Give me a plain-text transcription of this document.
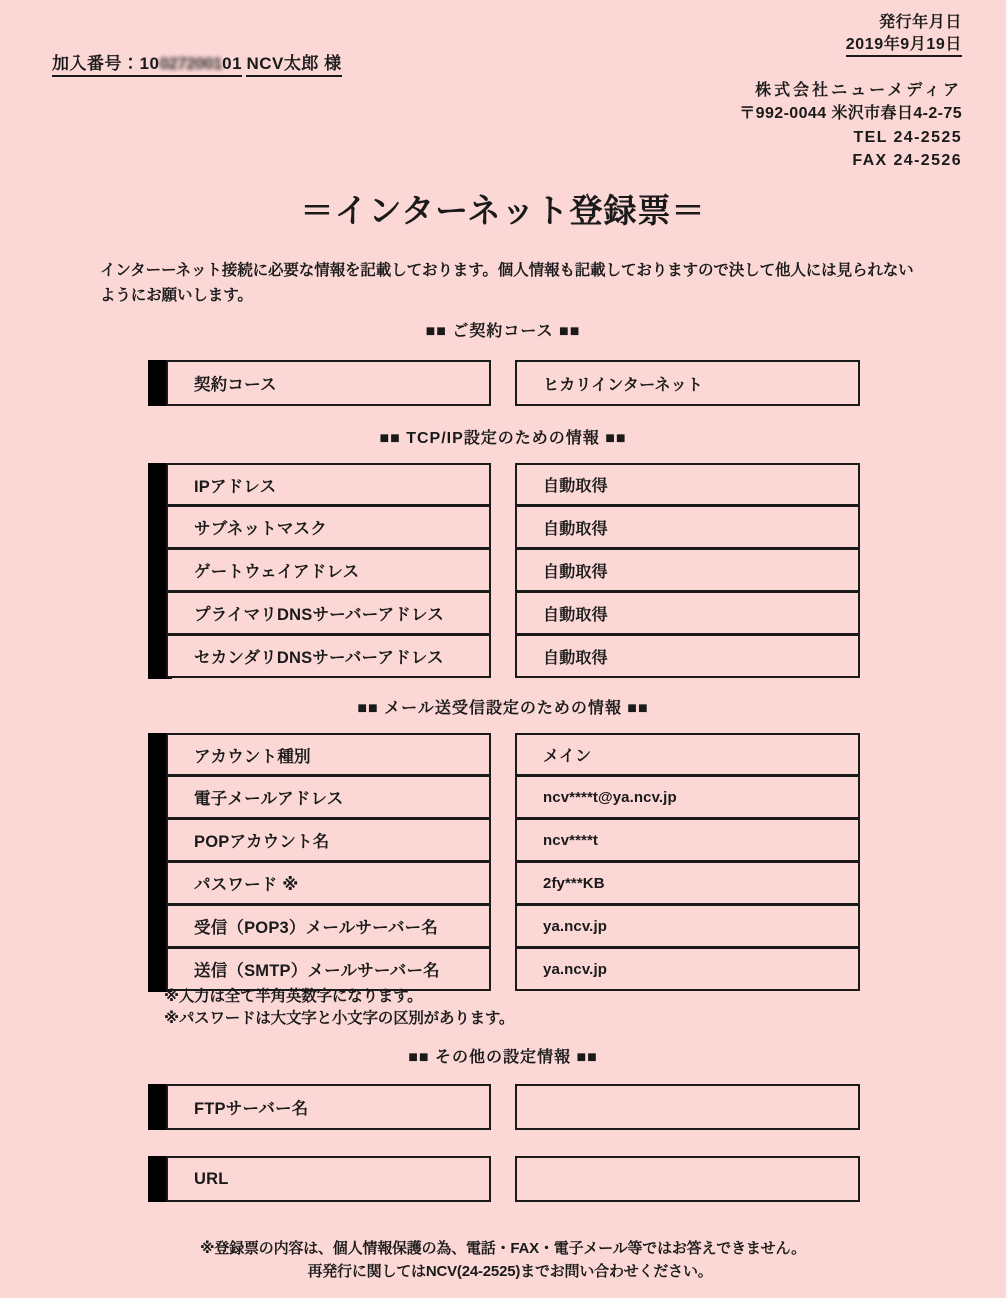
加入番号：10027200101 NCV太郎 様
発行年月日
2019年9月19日
株式会社ニューメディア
〒992-0044 米沢市春日4-2-75
TEL 24-2525
FAX 24-2526
＝インターネット登録票＝
インターーネット接続に必要な情報を記載しております。個人情報も記載しておりますので決して他人には見られないようにお願いします。
■■ ご契約コース ■■
契約コース	ヒカリインターネット
■■ TCP/IP設定のための情報 ■■
IPアドレス	自動取得
サブネットマスク	自動取得
ゲートウェイアドレス	自動取得
プライマリDNSサーバーアドレス	自動取得
セカンダリDNSサーバーアドレス	自動取得
■■ メール送受信設定のための情報 ■■
アカウント種別	メイン
電子メールアドレス	ncv****t@ya.ncv.jp
POPアカウント名	ncv****t
パスワード ※	2fy***KB
受信（POP3）メールサーバー名	ya.ncv.jp
送信（SMTP）メールサーバー名	ya.ncv.jp
※入力は全て半角英数字になります。
※パスワードは大文字と小文字の区別があります。
■■ その他の設定情報 ■■
FTPサーバー名
URL
※登録票の内容は、個人情報保護の為、電話・FAX・電子メール等ではお答えできません。
再発行に関してはNCV(24-2525)までお問い合わせください。
